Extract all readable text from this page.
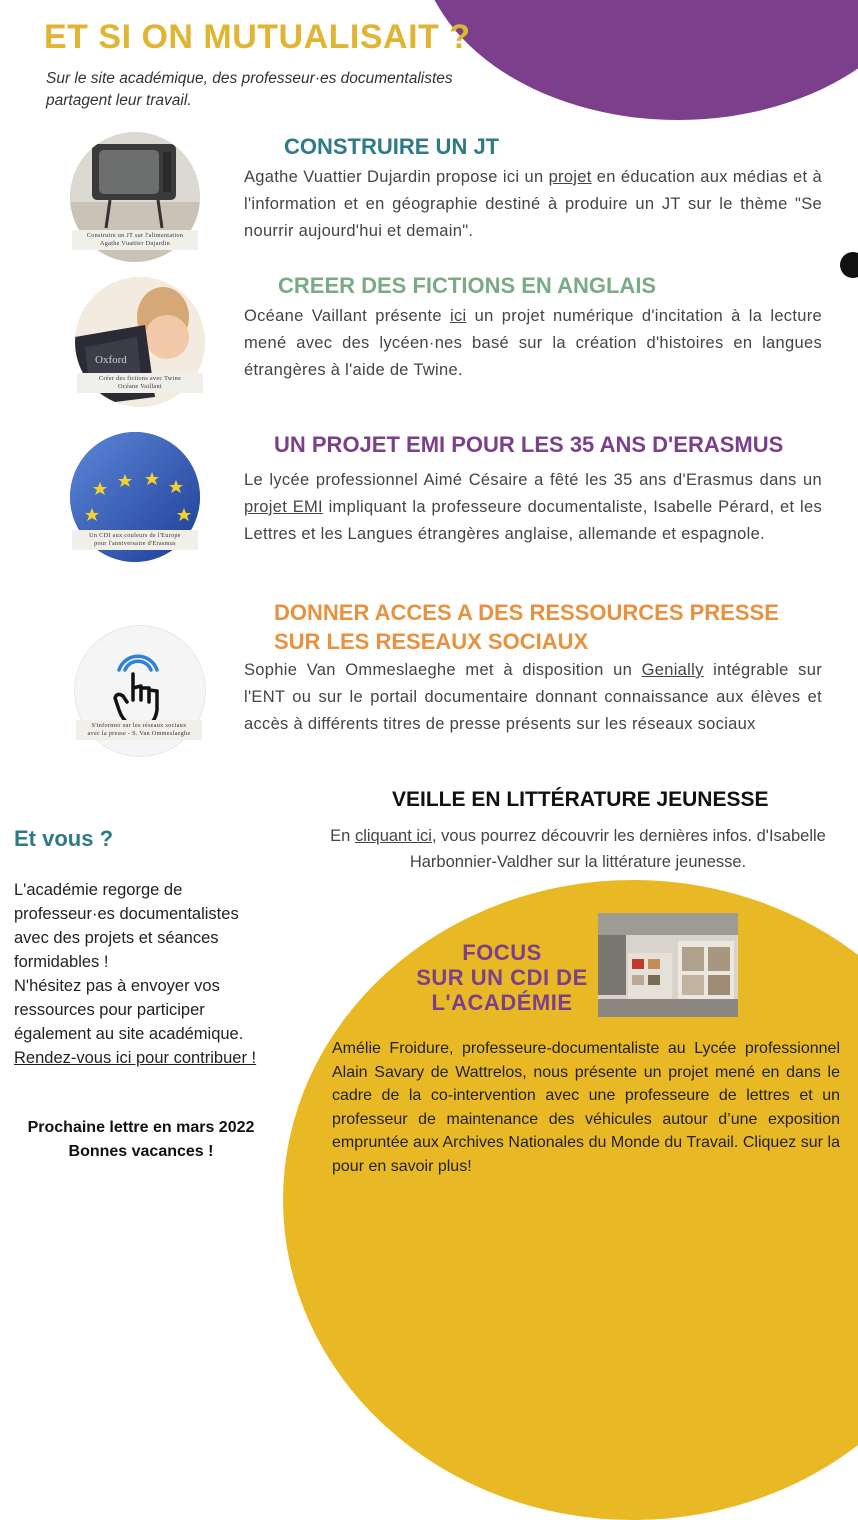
ET SI ON MUTUALISAIT ?
Sur le site académique, des professeur·es documentalistes partagent leur travail.
Construire un JT sur l'alimentation
Agathe Vuattier Dujardin
CONSTRUIRE UN JT
Agathe Vuattier Dujardin propose ici un projet en éducation aux médias et à l'information et en géographie destiné à produire un JT sur le thème "Se nourrir aujourd'hui et demain".
Oxford
Créer des fictions avec Twine
Océane Vaillant
CREER DES FICTIONS EN ANGLAIS
Océane Vaillant présente ici un projet numérique d'incitation à la lecture mené avec des lycéen·nes basé sur la création d'histoires en langues étrangères à l'aide de Twine.
Un CDI aux couleurs de l'Europe
pour l'anniversaire d'Erasmus
UN PROJET EMI POUR LES 35 ANS D'ERASMUS
Le lycée professionnel Aimé Césaire a fêté les 35 ans d'Erasmus dans un projet EMI impliquant la professeure documentaliste, Isabelle Pérard, et les Lettres et les Langues étrangères anglaise, allemande et espagnole.
S'informer sur les réseaux sociaux
avec la presse - S. Van Ommeslaeghe
DONNER ACCES A DES RESSOURCES PRESSE
SUR LES RESEAUX SOCIAUX
Sophie Van Ommeslaeghe met à disposition un Genially intégrable sur l'ENT ou sur le portail documentaire donnant connaissance aux élèves et accès à différents titres de presse présents sur les réseaux sociaux
VEILLE EN LITTÉRATURE JEUNESSE
En cliquant ici, vous pourrez découvrir les dernières infos. d'Isabelle Harbonnier-Valdher sur la littérature jeunesse.
Et vous ?
L'académie regorge de professeur·es documentalistes avec des projets et séances formidables !
N'hésitez pas à envoyer vos ressources pour participer également au site académique.
Rendez-vous ici pour contribuer !
Prochaine lettre en mars 2022
Bonnes vacances !
FOCUS
SUR UN CDI DE
L'ACADÉMIE
Amélie Froidure, professeure-documentaliste au Lycée professionnel Alain Savary de Wattrelos, nous présente un projet mené en dans le cadre de la co-intervention avec une professeure de lettres et un professeur de maintenance des véhicules autour d’une exposition empruntée aux Archives Nationales du Monde du Travail. Cliquez sur la pour en savoir plus!
